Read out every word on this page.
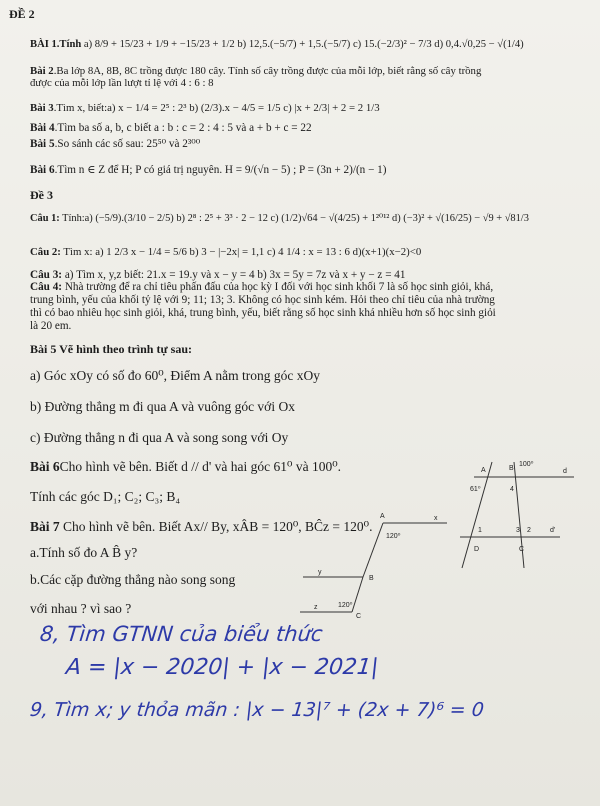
ĐỀ 2
BÀI 1.Tính a) 8/9 + 15/23 + 1/9 + −15/23 + 1/2 b) 12,5.(−5/7) + 1,5.(−5/7) c) 15.(−2/3)² − 7/3 d) 0,4.√0,25 − √(1/4)
Bài 2.Ba lớp 8A, 8B, 8C trồng được 180 cây. Tính số cây trồng được của mỗi lớp, biết rằng số cây trồng
được của mỗi lớp lần lượt tỉ lệ với 4 : 6 : 8
Bài 3.Tìm x, biết:a) x − 1/4 = 2⁵ : 2³ b) (2/3).x − 4/5 = 1/5 c) |x + 2/3| + 2 = 2 1/3
Bài 4.Tìm ba số a, b, c biết a : b : c = 2 : 4 : 5 và a + b + c = 22
Bài 5.So sánh các số sau: 25⁵⁰ và 2³⁰⁰
Bài 6.Tìm n ∈ Z để H; P có giá trị nguyên. H = 9/(√n − 5) ; P = (3n + 2)/(n − 1)
Đề 3
Câu 1: Tính:a) (−5/9).(3/10 − 2/5) b) 2⁸ : 2⁵ + 3³ · 2 − 12 c) (1/2)√64 − √(4/25) + 1²⁰¹² d) (−3)² + √(16/25) − √9 + √81/3
Câu 2: Tìm x: a) 1 2/3 x − 1/4 = 5/6 b) 3 − |−2x| = 1,1 c) 4 1/4 : x = 13 : 6 d)(x+1)(x−2)<0
Câu 3: a) Tìm x, y,z biết: 21.x = 19.y và x − y = 4 b) 3x = 5y = 7z và x + y − z = 41
Câu 4: Nhà trường để ra chỉ tiêu phấn đấu của học kỳ I đối với học sinh khối 7 là số học sinh giỏi, khá,
trung bình, yếu của khối tỷ lệ với 9; 11; 13; 3. Không có học sinh kém. Hỏi theo chỉ tiêu của nhà trường
thì có bao nhiêu học sinh giỏi, khá, trung bình, yếu, biết rằng số học sinh khá nhiều hơn số học sinh giỏi
là 20 em.
Bài 5 Vẽ hình theo trình tự sau:
a) Góc xOy có số đo 60⁰, Điểm A nằm trong góc xOy
b) Đường thẳng m đi qua A và vuông góc với Ox
c) Đường thẳng n đi qua A và song song với Oy
Bài 6Cho hình vẽ bên. Biết d // d' và hai góc 61⁰ và 100⁰.
Tính các góc D₁; C₂; C₃; B₄
Bài 7 Cho hình vẽ bên. Biết Ax// By, xÂB = 120⁰, BĈz = 120⁰.
a.Tính số đo A B̂ y?
b.Các cặp đường thẳng nào song song
với nhau ? vì sao ?
A	B
100⁰
d
61⁰	4
1	3 2	d'
D	C
A	x
120⁰
y
B
z	120⁰
C
8, Tìm GTNN của biểu thức
A = |x − 2020| + |x − 2021|
9, Tìm x; y thỏa mãn : |x − 13|⁷ + (2x + 7)⁶ = 0
